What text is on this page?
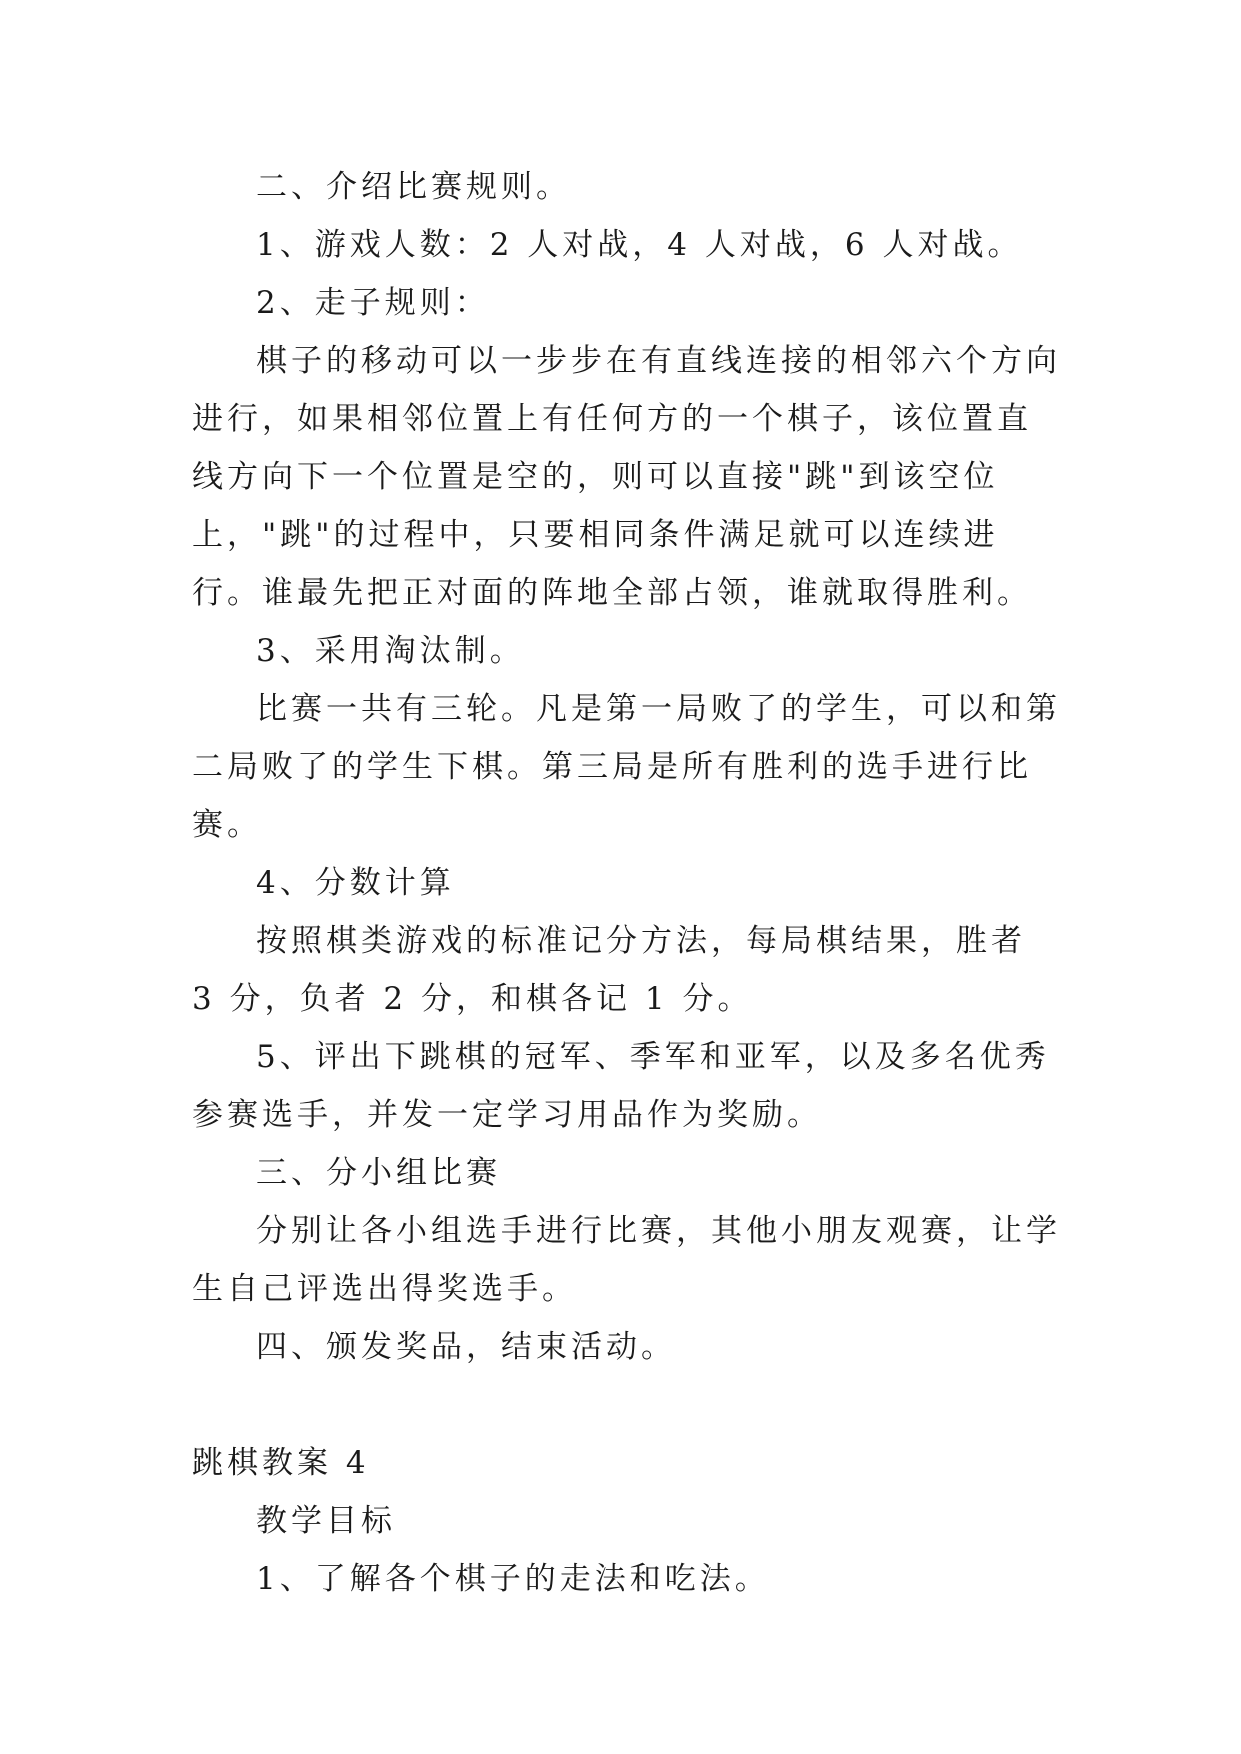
二、介绍比赛规则。

1、游戏人数：2 人对战，4 人对战，6 人对战。

2、走子规则：

棋子的移动可以一步步在有直线连接的相邻六个方向进行，如果相邻位置上有任何方的一个棋子，该位置直线方向下一个位置是空的，则可以直接"跳"到该空位上，"跳"的过程中，只要相同条件满足就可以连续进行。谁最先把正对面的阵地全部占领，谁就取得胜利。

3、采用淘汰制。

比赛一共有三轮。凡是第一局败了的学生，可以和第二局败了的学生下棋。第三局是所有胜利的选手进行比赛。

4、分数计算

按照棋类游戏的标准记分方法，每局棋结果，胜者 3 分，负者 2 分，和棋各记 1 分。

5、评出下跳棋的冠军、季军和亚军，以及多名优秀参赛选手，并发一定学习用品作为奖励。

三、分小组比赛

分别让各小组选手进行比赛，其他小朋友观赛，让学生自己评选出得奖选手。

四、颁发奖品，结束活动。

跳棋教案 4

教学目标

1、了解各个棋子的走法和吃法。
